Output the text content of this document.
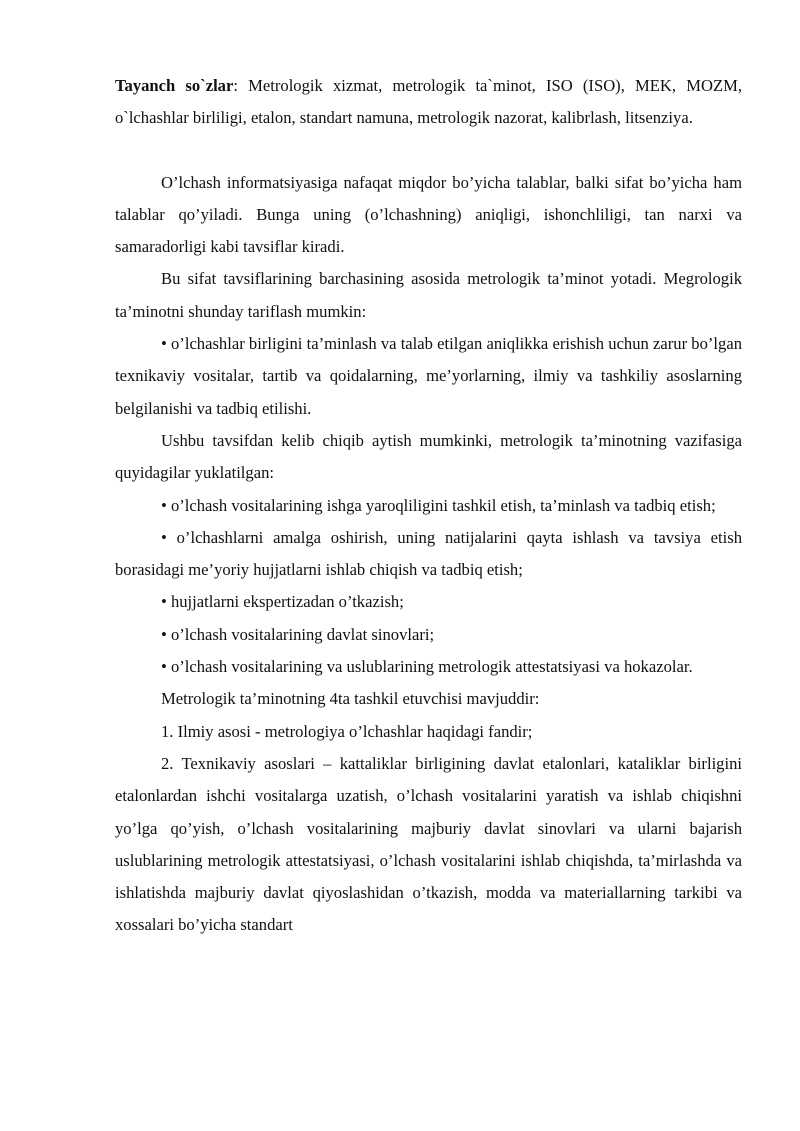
Tayanch so`zlar: Metrologik xizmat, metrologik ta`minot, ISO (ISO), MEK, MOZM, o`lchashlar birliligi, etalon, standart namuna, metrologik nazorat, kalibrlash, litsenziya.

O’lchash informatsiyasiga nafaqat miqdor bo’yicha talablar, balki sifat bo’yicha ham talablar qo’yiladi. Bunga uning (o’lchashning) aniqligi, ishonchliligi, tan narxi va samaradorligi kabi tavsiflar kiradi.

Bu sifat tavsiflarining barchasining asosida metrologik ta’minot yotadi. Megrologik ta’minotni shunday tariflash mumkin:

• o’lchashlar birligini ta’minlash va talab etilgan aniqlikka erishish uchun zarur bo’lgan texnikaviy vositalar, tartib va qoidalarning, me’yorlarning, ilmiy va tashkiliy asoslarning belgilanishi va tadbiq etilishi.

Ushbu tavsifdan kelib chiqib aytish mumkinki, metrologik ta’minotning vazifasiga quyidagilar yuklatilgan:

• o’lchash vositalarining ishga yaroqliligini tashkil etish, ta’minlash va tadbiq etish;

• o’lchashlarni amalga oshirish, uning natijalarini qayta ishlash va tavsiya etish borasidagi me’yoriy hujjatlarni ishlab chiqish va tadbiq etish;

• hujjatlarni ekspertizadan o’tkazish;

• o’lchash vositalarining davlat sinovlari;

• o’lchash vositalarining va uslublarining metrologik attestatsiyasi va hokazolar.

Metrologik ta’minotning 4ta tashkil etuvchisi mavjuddir:

1. Ilmiy asosi - metrologiya o’lchashlar haqidagi fandir;

2. Texnikaviy asoslari – kattaliklar birligining davlat etalonlari, kataliklar birligini etalonlardan ishchi vositalarga uzatish, o’lchash vositalarini yaratish va ishlab chiqishni yo’lga qo’yish, o’lchash vositalarining majburiy davlat sinovlari va ularni bajarish uslublarining metrologik attestatsiyasi, o’lchash vositalarini ishlab chiqishda, ta’mirlashda va ishlatishda majburiy davlat qiyoslashidan o’tkazish, modda va materiallarning tarkibi va xossalari bo’yicha standart
